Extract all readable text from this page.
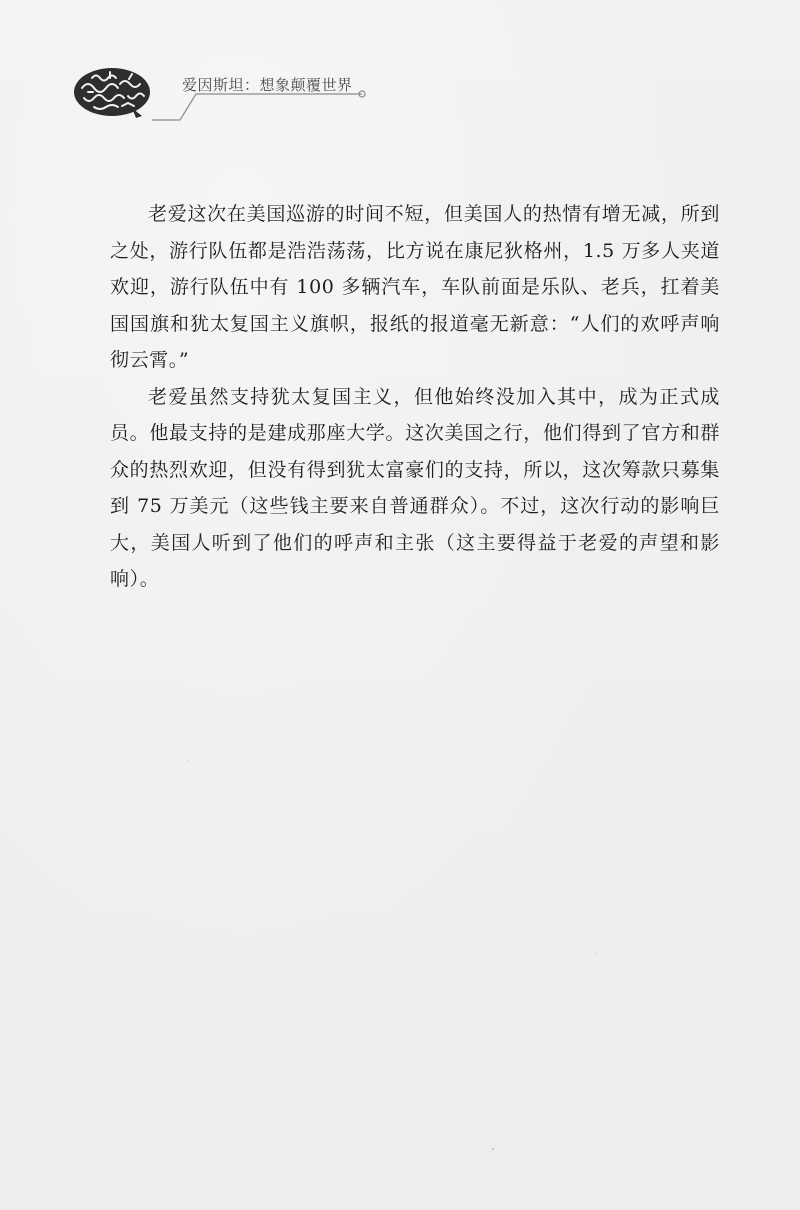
爱因斯坦：想象颠覆世界

老爱这次在美国巡游的时间不短，但美国人的热情有增无减，所到之处，游行队伍都是浩浩荡荡，比方说在康尼狄格州，1.5 万多人夹道欢迎，游行队伍中有 100 多辆汽车，车队前面是乐队、老兵，扛着美国国旗和犹太复国主义旗帜，报纸的报道毫无新意：“人们的欢呼声响彻云霄。”

老爱虽然支持犹太复国主义，但他始终没加入其中，成为正式成员。他最支持的是建成那座大学。这次美国之行，他们得到了官方和群众的热烈欢迎，但没有得到犹太富豪们的支持，所以，这次筹款只募集到 75 万美元（这些钱主要来自普通群众）。不过，这次行动的影响巨大，美国人听到了他们的呼声和主张（这主要得益于老爱的声望和影响）。
